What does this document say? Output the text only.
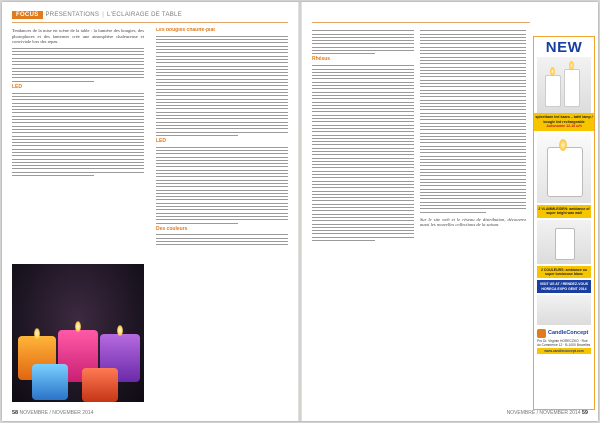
FOCUS	PRESENTATIONS | L'ECLAIRAGE DE TABLE

Tendances de la mise en scène de la table : la lumière des bougies, des photophores et des lanternes crée une atmosphère chaleureuse et conviviale lors des repas.

LED
Les bougies chauffe-plat
LED
Des couleurs
58 NOVEMBRE / NOVEMBER 2014
Rhésus

Sur le site web et le réseau de distribution, découvrez aussi les nouvelles collections de la saison.

NEW
spleetbare led kaars – tafel lamp / bougie led rechargeable
Autonomie 12-16 u/h
2 VLAMMLEIDEN: ambiance of super bright wax wall
2 COULEURS: ambiance ou super lumineuse blanc
VISIT US AT / RENDEZ-VOUS HORECA EXPO GENT 2014
CandleConcept
Pro Dr. Virginie HORECZKO · Rue du Commerce 12 · B-1000 Bruxelles
www.candleconcept.com
NOVEMBRE / NOVEMBER 2014 59
